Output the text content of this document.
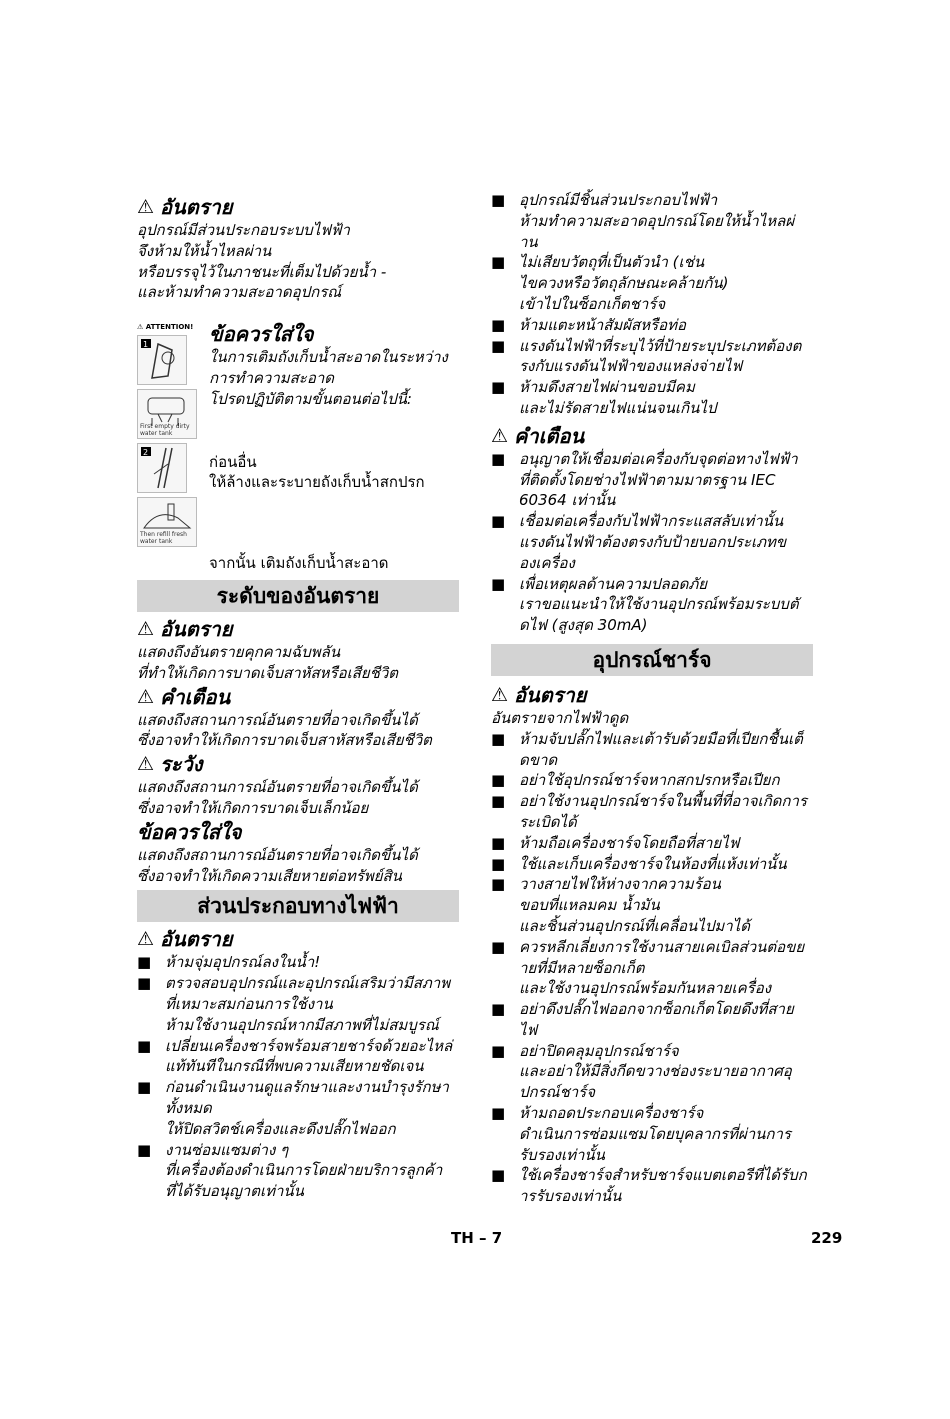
⚠ อันตราย
อุปกรณ์มีส่วนประกอบระบบไฟฟ้า
จึงห้ามให้น้ำไหลผ่าน
หรือบรรจุไว้ในภาชนะที่เต็มไปด้วยน้ำ -
และห้ามทำความสะอาดอุปกรณ์
⚠ ATTENTION!
1
First empty dirty water tank
2
Then refill fresh water tank
ข้อควรใส่ใจ
ในการเติมถังเก็บน้ำสะอาดในระหว่าง
การทำความสะอาด
โปรดปฏิบัติตามขั้นตอนต่อไปนี้:
ก่อนอื่น
ให้ล้างและระบายถังเก็บน้ำสกปรก
จากนั้น เติมถังเก็บน้ำสะอาด
ระดับของอันตราย
⚠ อันตราย
แสดงถึงอันตรายคุกคามฉับพลัน
ที่ทำให้เกิดการบาดเจ็บสาหัสหรือเสียชีวิต
⚠ คำเตือน
แสดงถึงสถานการณ์อันตรายที่อาจเกิดขึ้นได้
ซึ่งอาจทำให้เกิดการบาดเจ็บสาหัสหรือเสียชีวิต
⚠ ระวัง
แสดงถึงสถานการณ์อันตรายที่อาจเกิดขึ้นได้
ซึ่งอาจทำให้เกิดการบาดเจ็บเล็กน้อย
ข้อควรใส่ใจ
แสดงถึงสถานการณ์อันตรายที่อาจเกิดขึ้นได้
ซึ่งอาจทำให้เกิดความเสียหายต่อทรัพย์สิน
ส่วนประกอบทางไฟฟ้า
⚠ อันตราย
■ ห้ามจุ่มอุปกรณ์ลงในน้ำ!
■ ตรวจสอบอุปกรณ์และอุปกรณ์เสริมว่ามีสภาพ
ที่เหมาะสมก่อนการใช้งาน
ห้ามใช้งานอุปกรณ์หากมีสภาพที่ไม่สมบูรณ์
■ เปลี่ยนเครื่องชาร์จพร้อมสายชาร์จด้วยอะไหล่
แท้ทันทีในกรณีที่พบความเสียหายชัดเจน
■ ก่อนดำเนินงานดูแลรักษาและงานบำรุงรักษา
ทั้งหมด
ให้ปิดสวิตช์เครื่องและดึงปลั๊กไฟออก
■ งานซ่อมแซมต่าง ๆ
ที่เครื่องต้องดำเนินการโดยฝ่ายบริการลูกค้า
ที่ได้รับอนุญาตเท่านั้น
■ อุปกรณ์มีชิ้นส่วนประกอบไฟฟ้า
ห้ามทำความสะอาดอุปกรณ์โดยให้น้ำไหลผ่
าน
■ ไม่เสียบวัตถุที่เป็นตัวนำ (เช่น
ไขควงหรือวัตถุลักษณะคล้ายกัน)
เข้าไปในซ็อกเก็ตชาร์จ
■ ห้ามแตะหน้าสัมผัสหรือท่อ
■ แรงดันไฟฟ้าที่ระบุไว้ที่ป้ายระบุประเภทต้องต
รงกับแรงดันไฟฟ้าของแหล่งจ่ายไฟ
■ ห้ามดึงสายไฟผ่านขอบมีคม
และไม่รัดสายไฟแน่นจนเกินไป
⚠ คำเตือน
■ อนุญาตให้เชื่อมต่อเครื่องกับจุดต่อทางไฟฟ้า
ที่ติดตั้งโดยช่างไฟฟ้าตามมาตรฐาน IEC
60364 เท่านั้น
■ เชื่อมต่อเครื่องกับไฟฟ้ากระแสสลับเท่านั้น
แรงดันไฟฟ้าต้องตรงกับป้ายบอกประเภทข
องเครื่อง
■ เพื่อเหตุผลด้านความปลอดภัย
เราขอแนะนำให้ใช้งานอุปกรณ์พร้อมระบบตั
ดไฟ (สูงสุด 30mA)
อุปกรณ์ชาร์จ
⚠ อันตราย
อันตรายจากไฟฟ้าดูด
■ ห้ามจับปลั๊กไฟและเต้ารับด้วยมือที่เปียกชื้นเต็
ดขาด
■ อย่าใช้อุปกรณ์ชาร์จหากสกปรกหรือเปียก
■ อย่าใช้งานอุปกรณ์ชาร์จในพื้นที่ที่อาจเกิดการ
ระเบิดได้
■ ห้ามถือเครื่องชาร์จโดยถือที่สายไฟ
■ ใช้และเก็บเครื่องชาร์จในห้องที่แห้งเท่านั้น
■ วางสายไฟให้ห่างจากความร้อน
ขอบที่แหลมคม น้ำมัน
และชิ้นส่วนอุปกรณ์ที่เคลื่อนไปมาได้
■ ควรหลีกเลี่ยงการใช้งานสายเคเบิลส่วนต่อขย
ายที่มีหลายซ็อกเก็ต
และใช้งานอุปกรณ์พร้อมกันหลายเครื่อง
■ อย่าดึงปลั๊กไฟออกจากซ็อกเก็ตโดยดึงที่สาย
ไฟ
■ อย่าปิดคลุมอุปกรณ์ชาร์จ
และอย่าให้มีสิ่งกีดขวางช่องระบายอากาศอุ
ปกรณ์ชาร์จ
■ ห้ามถอดประกอบเครื่องชาร์จ
ดำเนินการซ่อมแซมโดยบุคลากรที่ผ่านการ
รับรองเท่านั้น
■ ใช้เครื่องชาร์จสำหรับชาร์จแบตเตอรีที่ได้รับก
ารรับรองเท่านั้น
TH – 7	229
